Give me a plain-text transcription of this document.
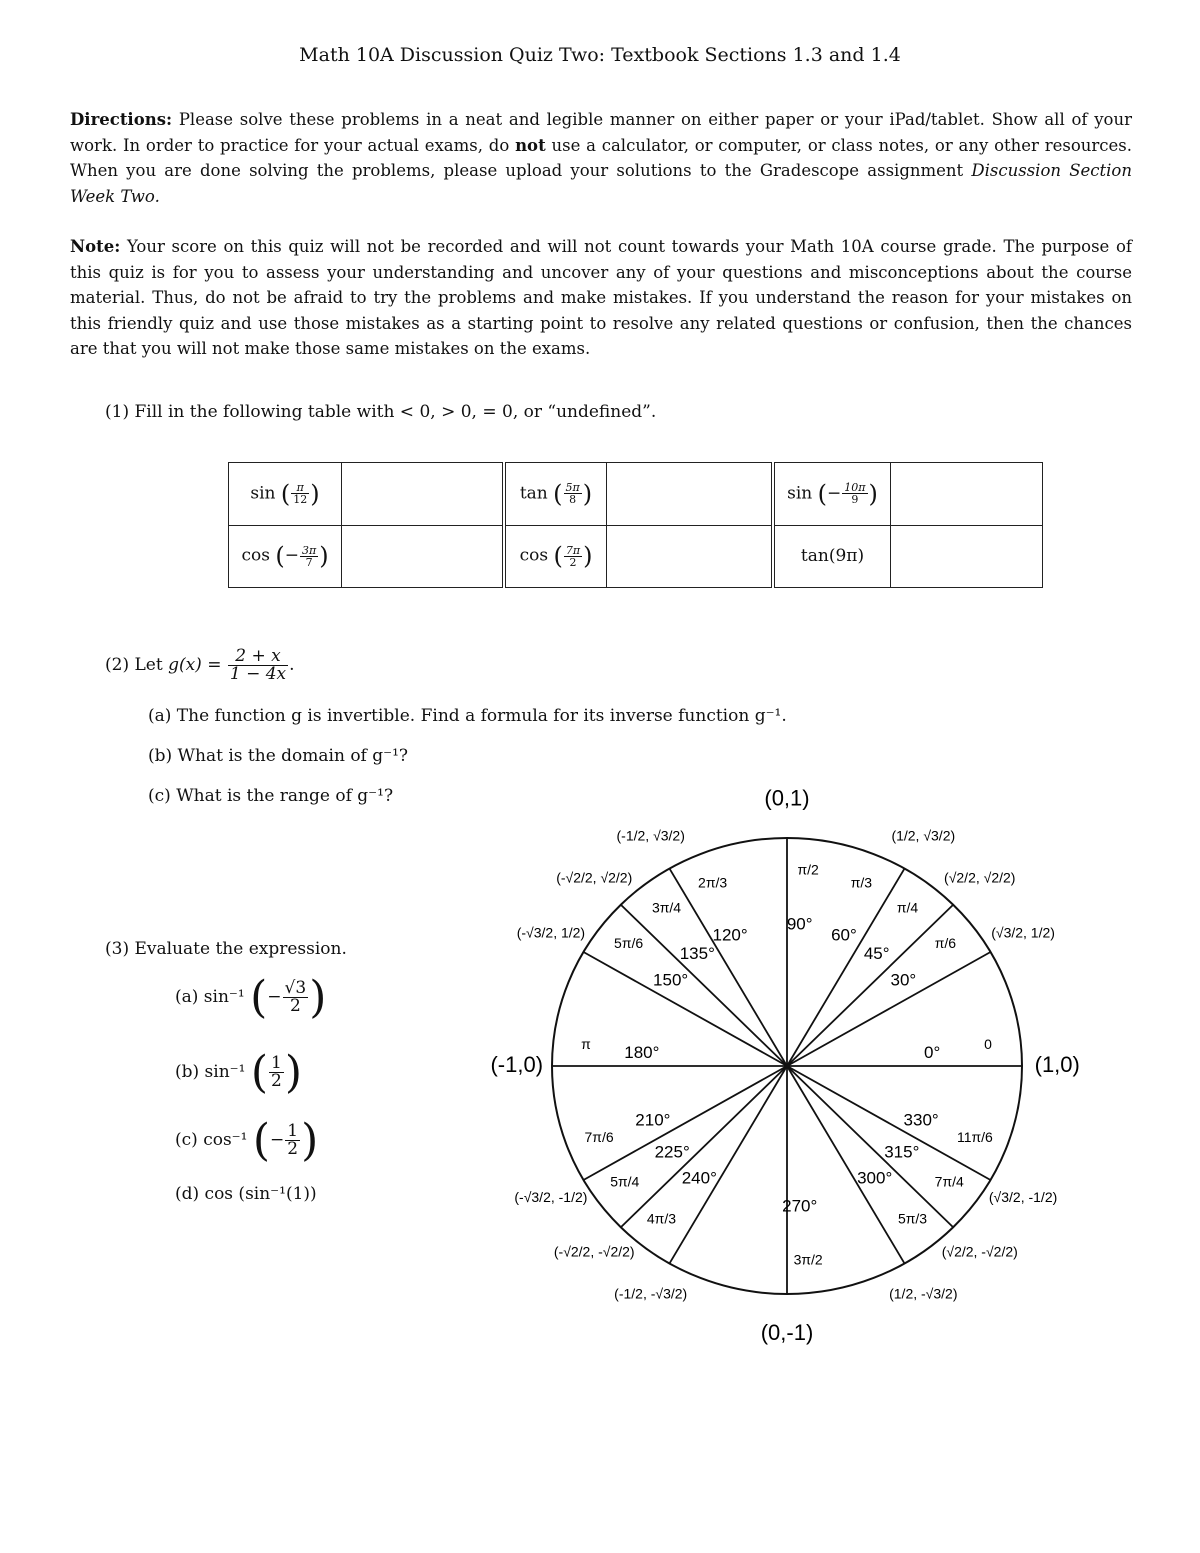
Math 10A Discussion Quiz Two: Textbook Sections 1.3 and 1.4
Directions: Please solve these problems in a neat and legible manner on either paper or your iPad/tablet. Show all of your work. In order to practice for your actual exams, do not use a calculator, or computer, or class notes, or any other resources. When you are done solving the problems, please upload your solutions to the Gradescope assignment Discussion Section Week Two.
Note: Your score on this quiz will not be recorded and will not count towards your Math 10A course grade. The purpose of this quiz is for you to assess your understanding and uncover any of your questions and misconceptions about the course material. Thus, do not be afraid to try the problems and make mistakes. If you understand the reason for your mistakes on this friendly quiz and use those mistakes as a starting point to resolve any related questions or confusion, then the chances are that you will not make those same mistakes on the exams.
(1) Fill in the following table with < 0, > 0, = 0, or “undefined”.
sin ( $\frac{\pi}{12}$ )		tan ( $\frac{5\pi}{8}$ )		sin (− $\frac{10\pi}{9}$ )	
cos (− $\frac{3\pi}{7}$ )		cos ( $\frac{7\pi}{2}$ )		tan(9π)	
(2) Let $g(x) = \frac{2 + x}{1 - 4x}$ .
(a) The function g is invertible. Find a formula for its inverse function g⁻¹.
(b) What is the domain of g⁻¹?
(c) What is the range of g⁻¹?
(3) Evaluate the expression.
(a) sin⁻¹ (− $\frac{√3}{2}$ )
(b) sin⁻¹ ( $\frac{1}{2}$ )
(c) cos⁻¹ (− $\frac{1}{2}$ )
(d) cos (sin⁻¹(1))
0°	0
(1,0)
30°
π/6
(√3/2, 1/2)
45°
π/4
(√2/2, √2/2)
60°
π/3
(1/2, √3/2)
90°
π/2
(0,1)
120°
2π/3
(-1/2, √3/2)
135°
3π/4
(-√2/2, √2/2)
150°
5π/6
(-√3/2, 1/2)
180°
π
(-1,0)
210°
7π/6
(-√3/2, -1/2)
225°
5π/4
(-√2/2, -√2/2)
240°
4π/3
(-1/2, -√3/2)
270°
3π/2
(0,-1)
300°
5π/3
(1/2, -√3/2)
315°
7π/4
(√2/2, -√2/2)
330°
11π/6
(√3/2, -1/2)
